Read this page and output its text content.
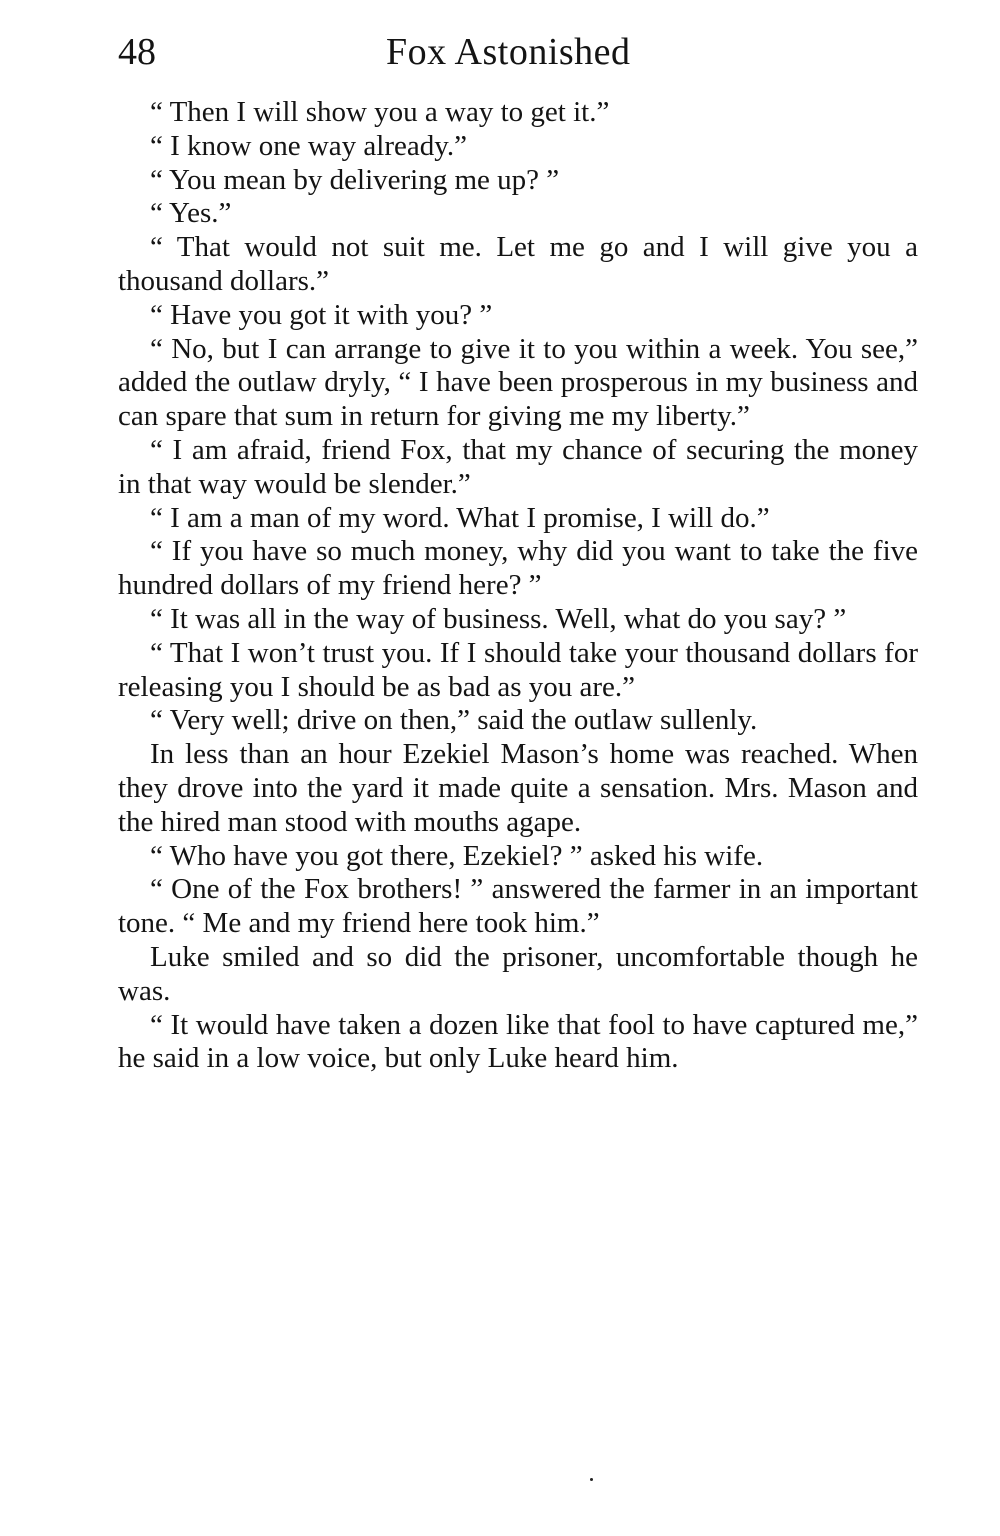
48	Fox Astonished

“ Then I will show you a way to get it.”

“ I know one way already.”

“ You mean by delivering me up? ”

“ Yes.”

“ That would not suit me. Let me go and I will give you a thousand dollars.”

“ Have you got it with you? ”

“ No, but I can arrange to give it to you within a week. You see,” added the outlaw dryly, “ I have been prosperous in my business and can spare that sum in return for giving me my liberty.”

“ I am afraid, friend Fox, that my chance of securing the money in that way would be slender.”

“ I am a man of my word. What I promise, I will do.”

“ If you have so much money, why did you want to take the five hundred dollars of my friend here? ”

“ It was all in the way of business. Well, what do you say? ”

“ That I won’t trust you. If I should take your thousand dollars for releasing you I should be as bad as you are.”

“ Very well; drive on then,” said the outlaw sullenly.

In less than an hour Ezekiel Mason’s home was reached. When they drove into the yard it made quite a sensation. Mrs. Mason and the hired man stood with mouths agape.

“ Who have you got there, Ezekiel? ” asked his wife.

“ One of the Fox brothers! ” answered the farmer in an important tone. “ Me and my friend here took him.”

Luke smiled and so did the prisoner, uncomfortable though he was.

“ It would have taken a dozen like that fool to have captured me,” he said in a low voice, but only Luke heard him.
